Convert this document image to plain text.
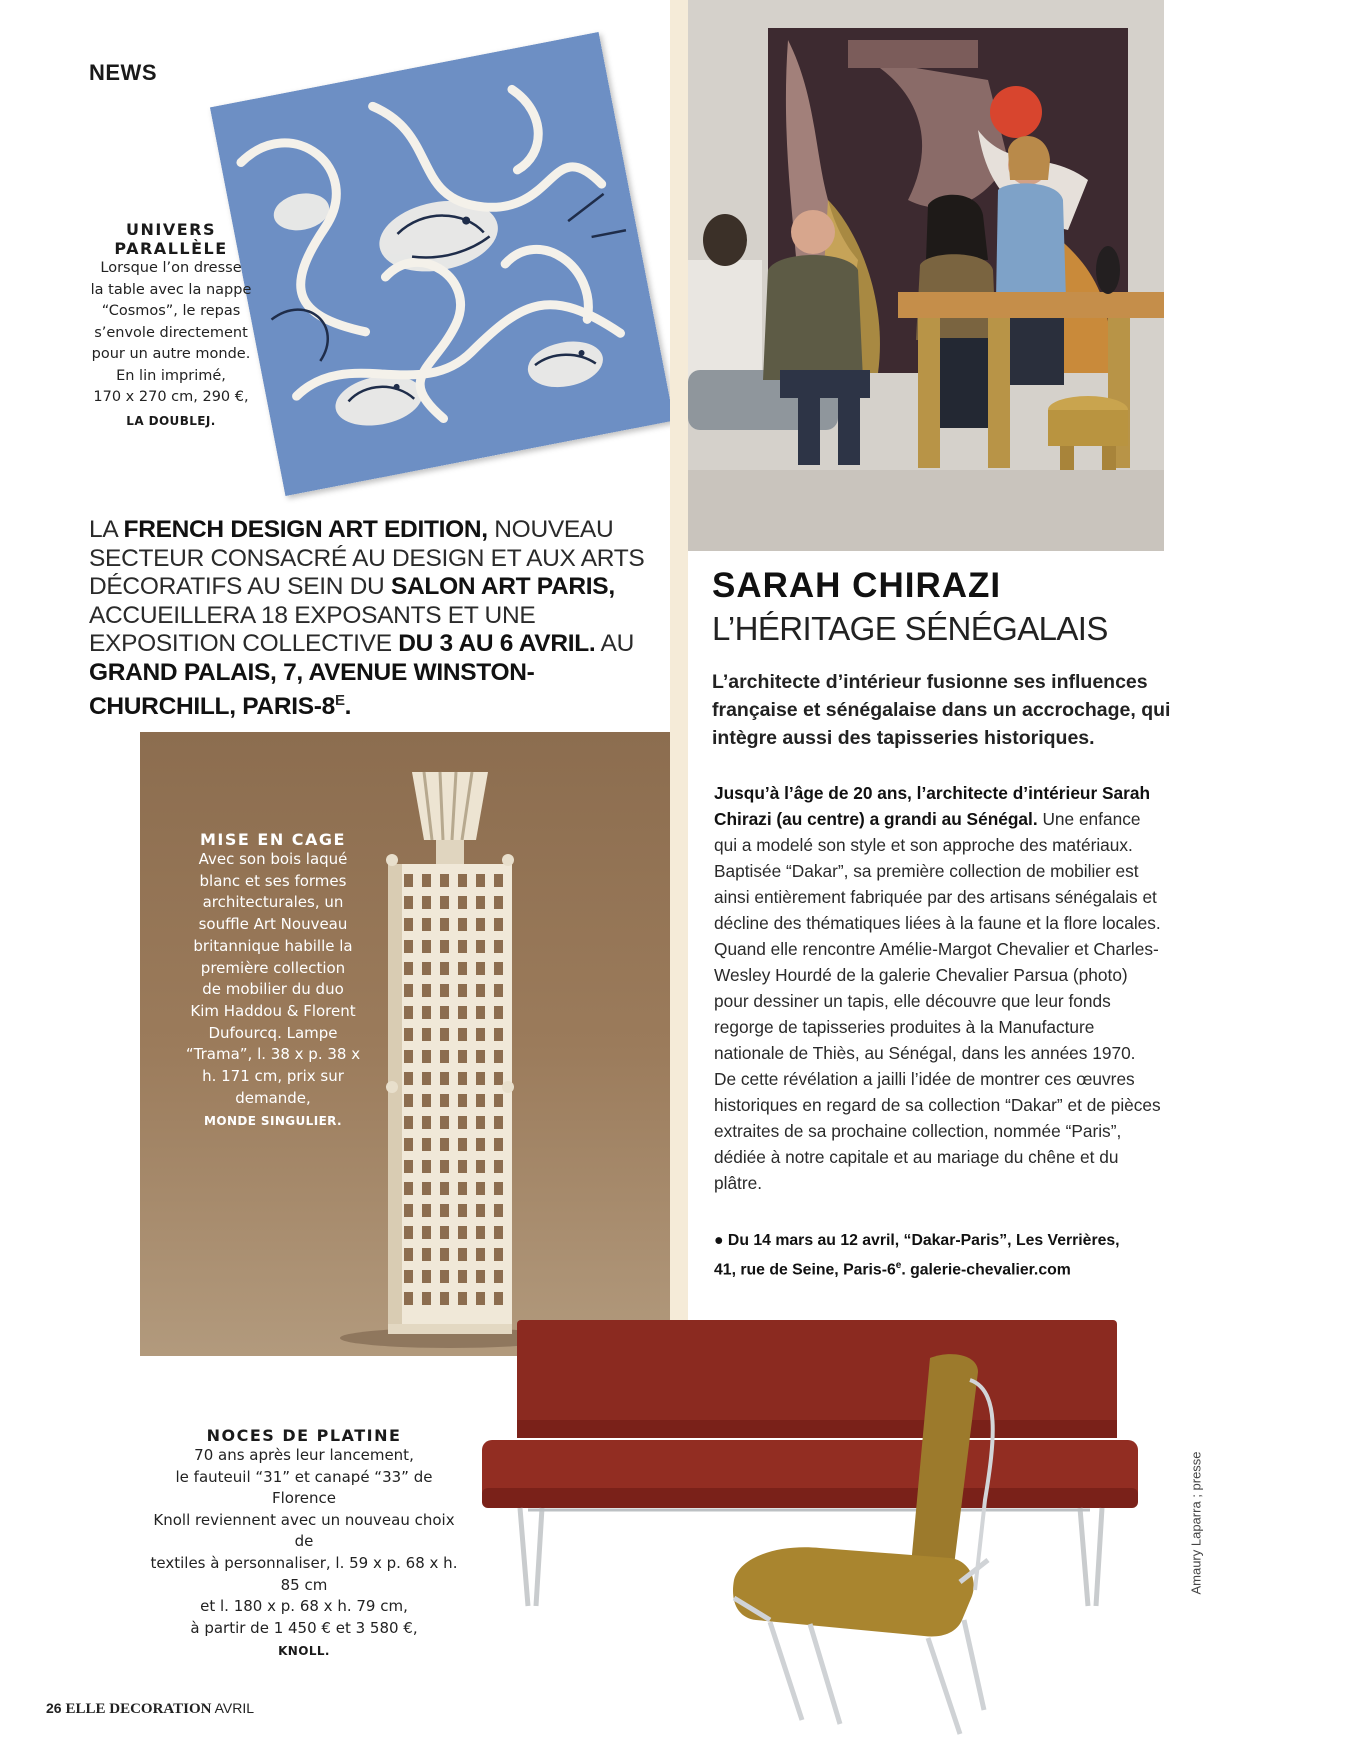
NEWS
UNIVERS
PARALLÈLE
Lorsque l’on dresse
la table avec la nappe
“Cosmos”, le repas
s’envole directement
pour un autre monde.
En lin imprimé,
170 x 270 cm, 290 €,
LA DOUBLEJ.
LA FRENCH DESIGN ART EDITION, NOUVEAU SECTEUR CONSACRÉ AU DESIGN ET AUX ARTS DÉCORATIFS AU SEIN DU SALON ART PARIS, ACCUEILLERA 18 EXPOSANTS ET UNE EXPOSITION COLLECTIVE DU 3 AU 6 AVRIL. AU GRAND PALAIS, 7, AVENUE WINSTON-CHURCHILL, PARIS-$8^E$.
MISE EN CAGE
Avec son bois laqué
blanc et ses formes
architecturales, un
souffle Art Nouveau
britannique habille la
première collection
de mobilier du duo
Kim Haddou & Florent
Dufourcq. Lampe
“Trama”, l. 38 x p. 38 x
h. 171 cm, prix sur
demande,
MONDE SINGULIER.
SARAH CHIRAZI
L’HÉRITAGE SÉNÉGALAIS
L’architecte d’intérieur fusionne ses influences française et sénégalaise dans un accrochage, qui intègre aussi des tapisseries historiques.
Jusqu’à l’âge de 20 ans, l’architecte d’intérieur Sarah Chirazi (au centre) a grandi au Sénégal. Une enfance qui a modelé son style et son approche des matériaux. Baptisée “Dakar”, sa première collection de mobilier est ainsi entièrement fabriquée par des artisans sénégalais et décline des thématiques liées à la faune et la flore locales. Quand elle rencontre Amélie-Margot Chevalier et Charles-Wesley Hourdé de la galerie Chevalier Parsua (photo) pour dessiner un tapis, elle découvre que leur fonds regorge de tapisseries produites à la Manufacture nationale de Thiès, au Sénégal, dans les années 1970. De cette révélation a jailli l’idée de montrer ces œuvres historiques en regard de sa collection “Dakar” et de pièces extraites de sa prochaine collection, nommée “Paris”, dédiée à notre capitale et au mariage du chêne et du plâtre.
● Du 14 mars au 12 avril, “Dakar-Paris”, Les Verrières,
41, rue de Seine, Paris-6e. galerie-chevalier.com
NOCES DE PLATINE
70 ans après leur lancement,
le fauteuil “31” et canapé “33” de Florence
Knoll reviennent avec un nouveau choix de
textiles à personnaliser, l. 59 x p. 68 x h. 85 cm
et l. 180 x p. 68 x h. 79 cm,
à partir de 1 450 € et 3 580 €,
KNOLL.
Amaury Laparra ; presse
26 ELLE DECORATION AVRIL
